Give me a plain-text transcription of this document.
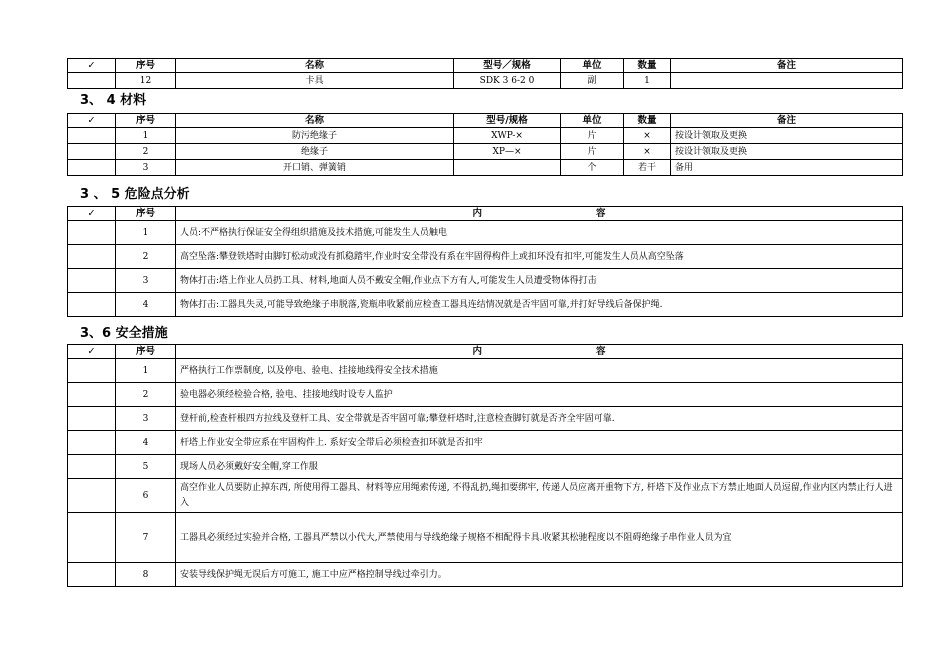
✓	序号	名称	型号／规格	单位	数量	备注
	12	卡具	SDK 3 6-2 0	副	1	
3、 4 材料
✓	序号	名称	型号/规格	单位	数量	备注
	1	防污绝缘子	XWP-×	片	×	按设计领取及更换
	2	绝缘子	XP—×	片	×	按设计领取及更换
	3	开口销、弹簧销		个	若干	备用
3 、 5 危险点分析
✓	序号	内　　　　　　　　　　　　容
	1	人员:不严格执行保证安全得组织措施及技术措施,可能发生人员触电
	2	高空坠落:攀登铁塔时由脚钉松动或没有抓稳踏牢,作业时安全带没有系在牢固得构件上或扣环没有扣牢,可能发生人员从高空坠落
	3	物体打击:塔上作业人员扔工具、材料,地面人员不戴安全帽,作业点下方有人,可能发生人员遭受物体得打击
	4	物体打击:工器具失灵,可能导致绝缘子串脱落,瓷瓶串收紧前应检查工器具连结情况就是否牢固可靠,并打好导线后备保护绳.
3、6 安全措施
✓	序号	内　　　　　　　　　　　　容
	1	严格执行工作票制度, 以及停电、验电、挂接地线得安全技术措施
	2	验电器必须经检验合格, 验电、挂接地线时设专人监护
	3	登杆前,检查杆根四方拉线及登杆工具、安全带就是否牢固可靠;攀登杆塔时,注意检查脚钉就是否齐全牢固可靠.
	4	杆塔上作业安全带应系在牢固构件上. 系好安全带后必须检查扣环就是否扣牢
	5	现场人员必须戴好安全帽,穿工作服
	6	高空作业人员要防止掉东西, 所使用得工器具、材料等应用绳索传递, 不得乱扔,绳扣要绑牢, 传递人员应离开重物下方, 杆塔下及作业点下方禁止地面人员逗留,作业内区内禁止行人进入
	7	工器具必须经过实验并合格, 工器具严禁以小代大,严禁使用与导线绝缘子规格不相配得卡具.收紧其松驰程度以不阻碍绝缘子串作业人员为宜
	8	安装导线保护绳无误后方可施工, 施工中应严格控制导线过牵引力。
